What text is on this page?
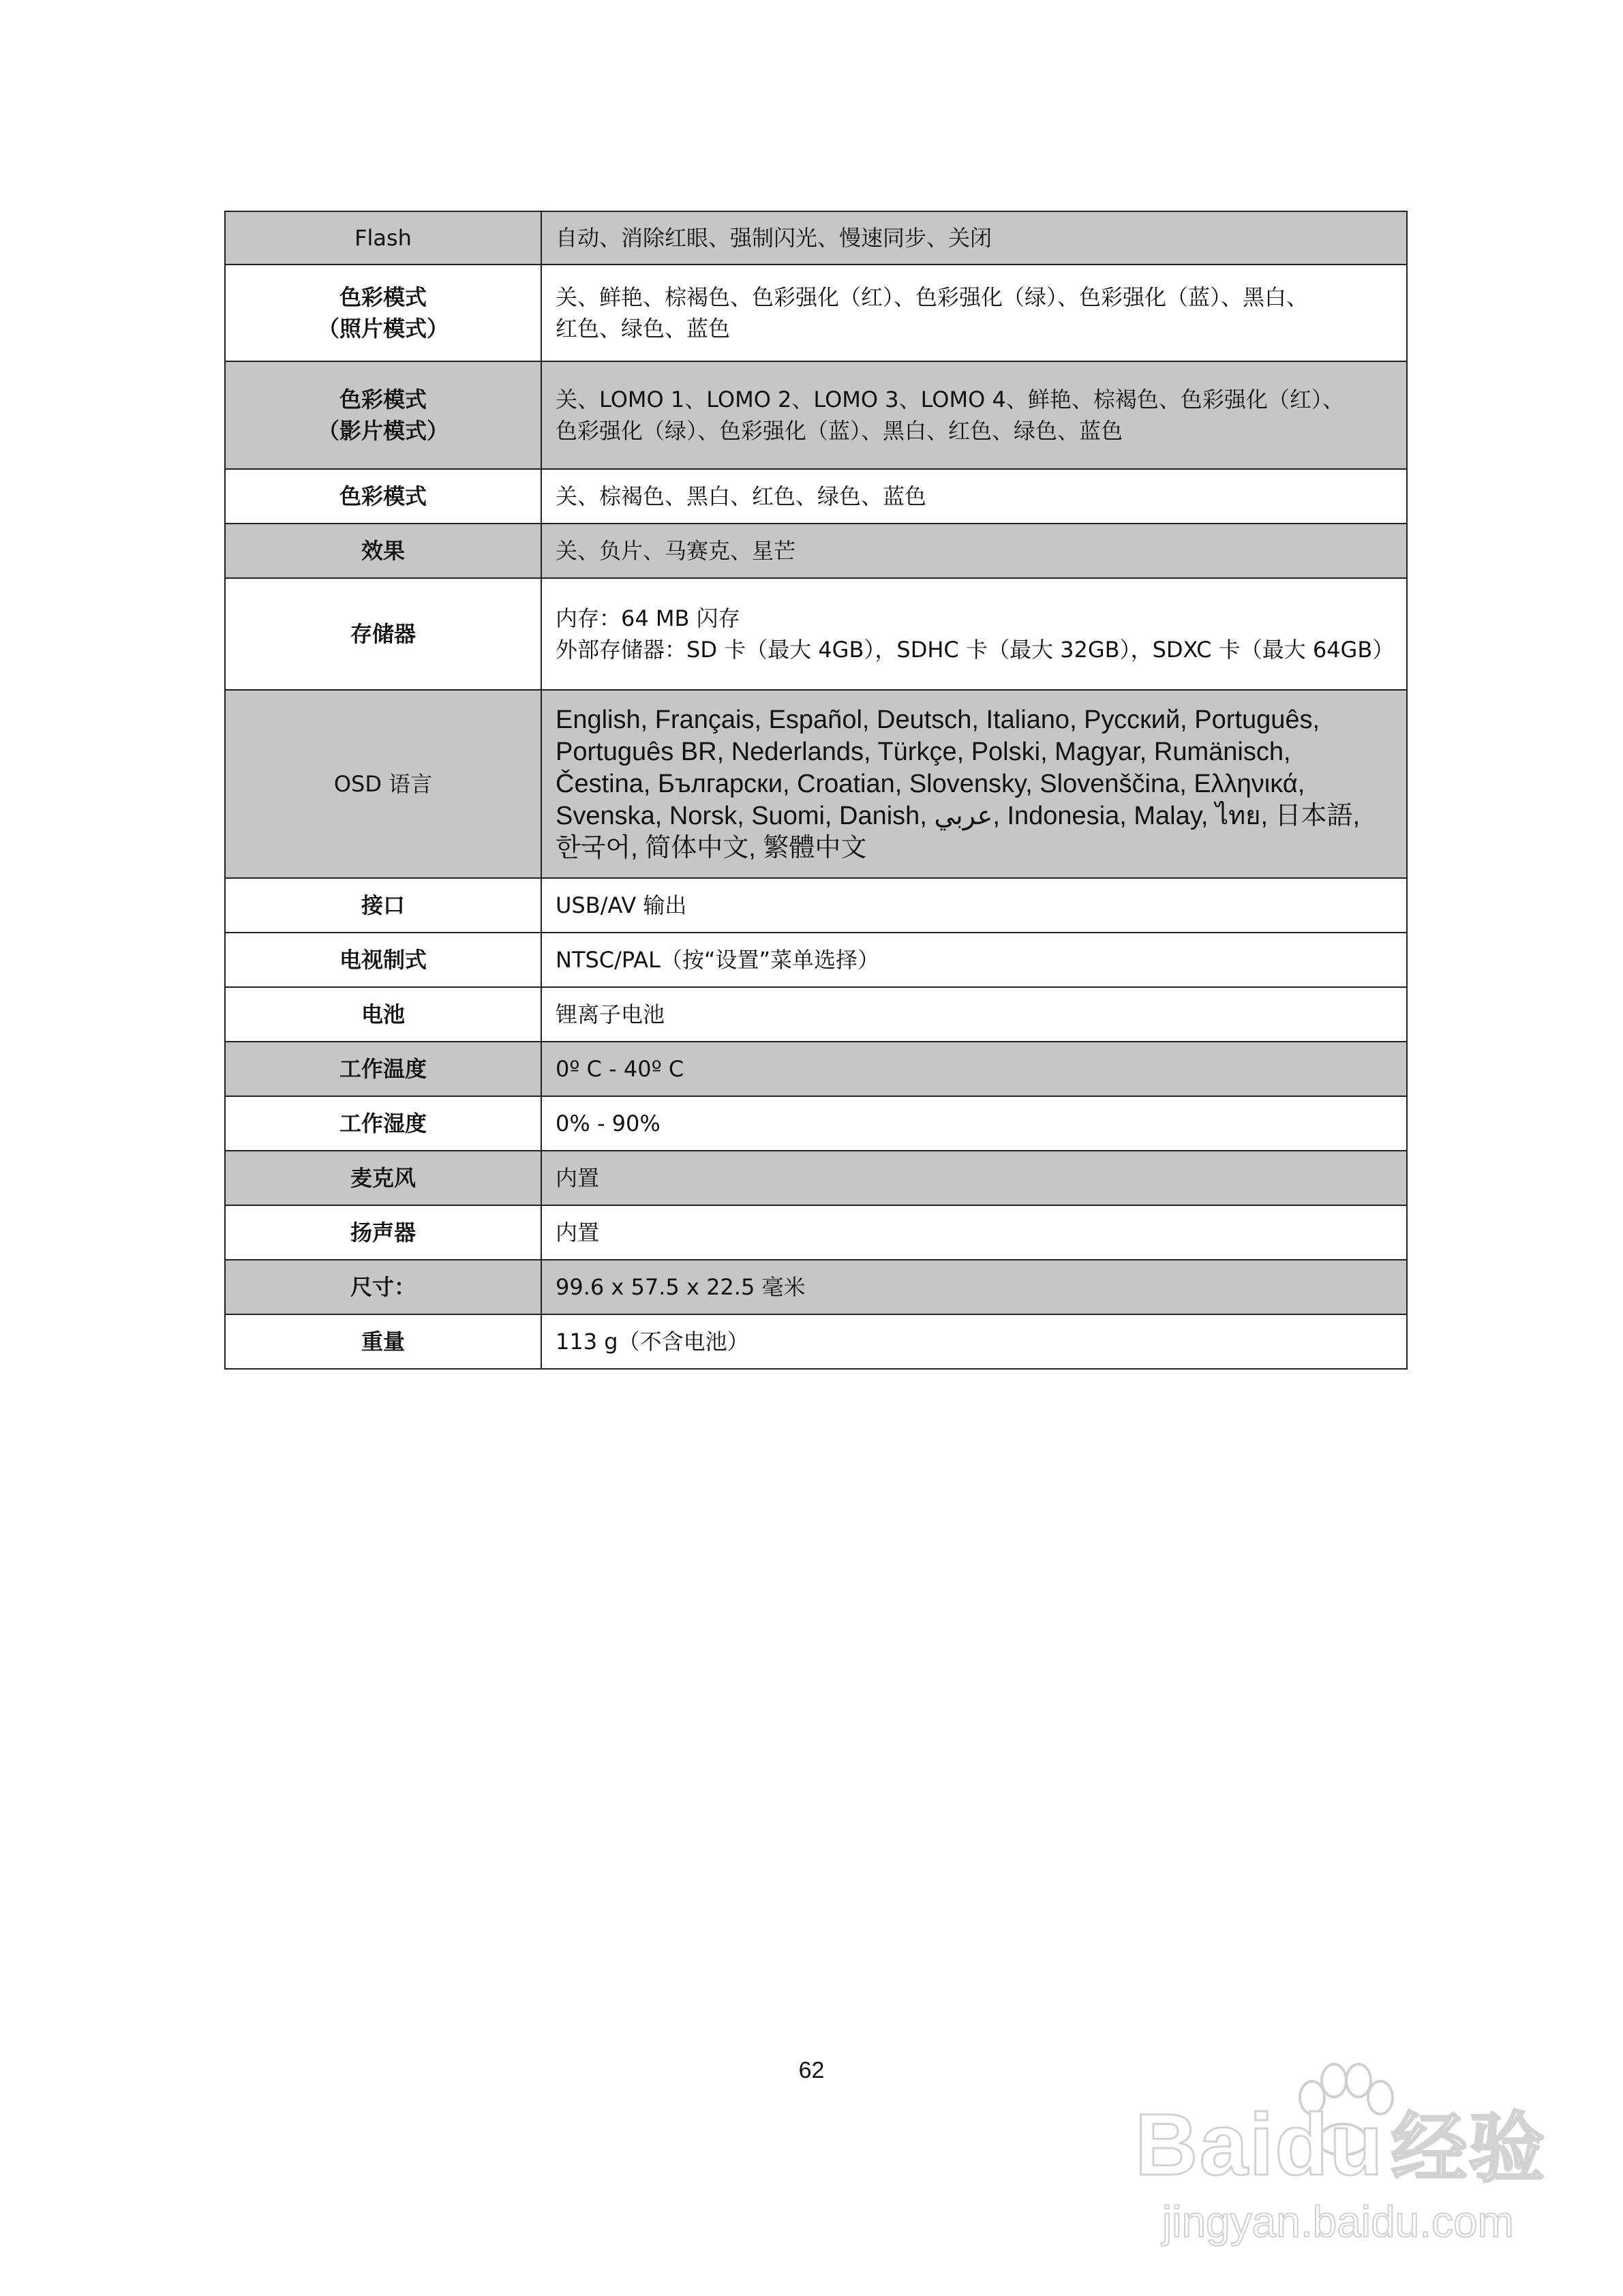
Flash	自动、消除红眼、强制闪光、慢速同步、关闭

色彩模式
（照片模式）	关、鲜艳、棕褐色、色彩强化（红）、色彩强化（绿）、色彩强化（蓝）、黑白、
红色、绿色、蓝色

色彩模式
（影片模式）	关、LOMO 1、LOMO 2、LOMO 3、LOMO 4、鲜艳、棕褐色、色彩强化（红）、
色彩强化（绿）、色彩强化（蓝）、黑白、红色、绿色、蓝色

色彩模式	关、棕褐色、黑白、红色、绿色、蓝色

效果	关、负片、马赛克、星芒

存储器	内存：64 MB 闪存
外部存储器：SD 卡（最大 4GB），SDHC 卡（最大 32GB），SDXC 卡（最大 64GB）

OSD 语言	English, Français, Español, Deutsch, Italiano, Русский, Português,
Português BR, Nederlands, Türkçe, Polski, Magyar, Rumänisch,
Čestina, Български, Croatian, Slovensky, Slovenščina, Ελληνικά,
Svenska, Norsk, Suomi, Danish, عربي, Indonesia, Malay, ไทย, 日本語,
한국어, 简体中文, 繁體中文

接口	USB/AV 输出

电视制式	NTSC/PAL（按“设置”菜单选择）

电池	锂离子电池

工作温度	0º C - 40º C

工作湿度	0% - 90%

麦克风	内置

扬声器	内置

尺寸：	99.6 x 57.5 x 22.5 毫米

重量	113 g（不含电池）
62
Baidu经验
jingyan.baidu.com
